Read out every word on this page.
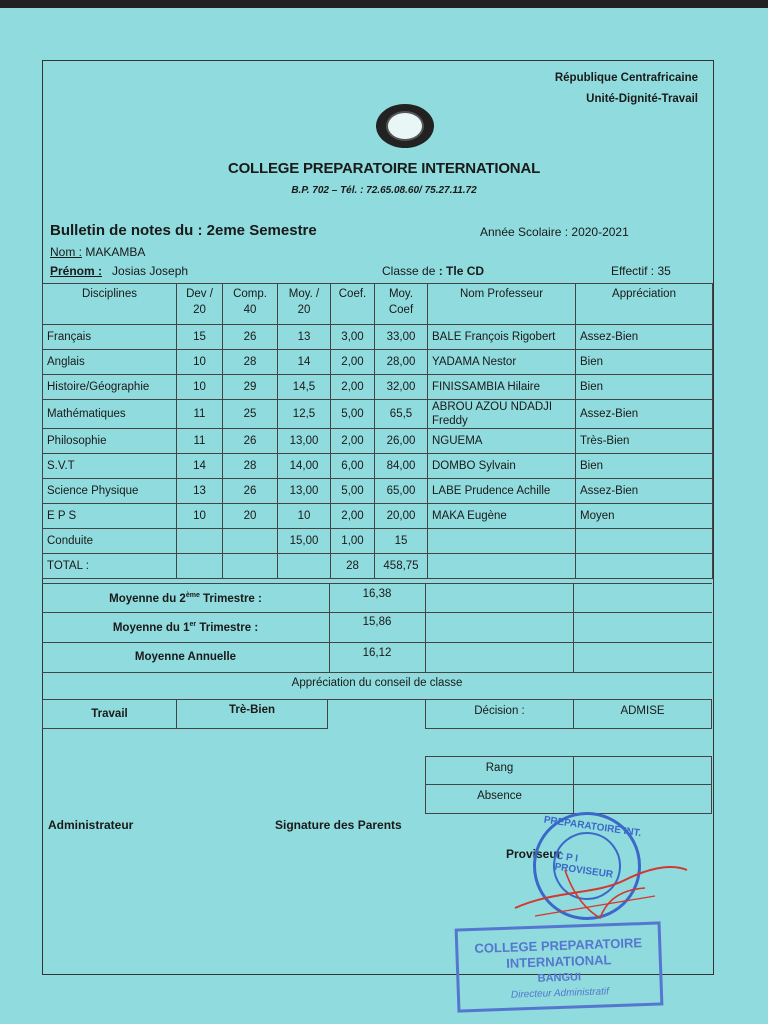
République Centrafricaine
Unité-Dignité-Travail
COLLEGE PREPARATOIRE INTERNATIONAL
B.P. 702 – Tél. : 72.65.08.60/ 75.27.11.72
Bulletin de notes du : 2eme Semestre	Année Scolaire : 2020-2021
Nom : MAKAMBA
Prénom : Josias Joseph	Classe de : Tle CD	Effectif : 35
Disciplines	Dev / 20	Comp. 40	Moy. / 20	Coef.	Moy. Coef	Nom Professeur	Appréciation
Français	15	26	13	3,00	33,00	BALE François Rigobert	Assez-Bien
Anglais	10	28	14	2,00	28,00	YADAMA Nestor	Bien
Histoire/Géographie	10	29	14,5	2,00	32,00	FINISSAMBIA Hilaire	Bien
Mathématiques	11	25	12,5	5,00	65,5	ABROU AZOU NDADJI Freddy	Assez-Bien
Philosophie	11	26	13,00	2,00	26,00	NGUEMA	Très-Bien
S.V.T	14	28	14,00	6,00	84,00	DOMBO Sylvain	Bien
Science Physique	13	26	13,00	5,00	65,00	LABE Prudence Achille	Assez-Bien
E P S	10	20	10	2,00	20,00	MAKA Eugène	Moyen
Conduite			15,00	1,00	15		
TOTAL :				28	458,75		
Moyenne du 2ème Trimestre :	16,38
Moyenne du 1er Trimestre :	15,86
Moyenne Annuelle	16,12
Appréciation du conseil de classe
Travail	Trè-Bien	Décision :	ADMISE
Rang
Absence
Administrateur	Signature des Parents
Proviseur
PREPARATOIRE INT.
C P I PROVISEUR
COLLEGE PREPARATOIRE
INTERNATIONAL
BANGUI
Directeur Administratif
